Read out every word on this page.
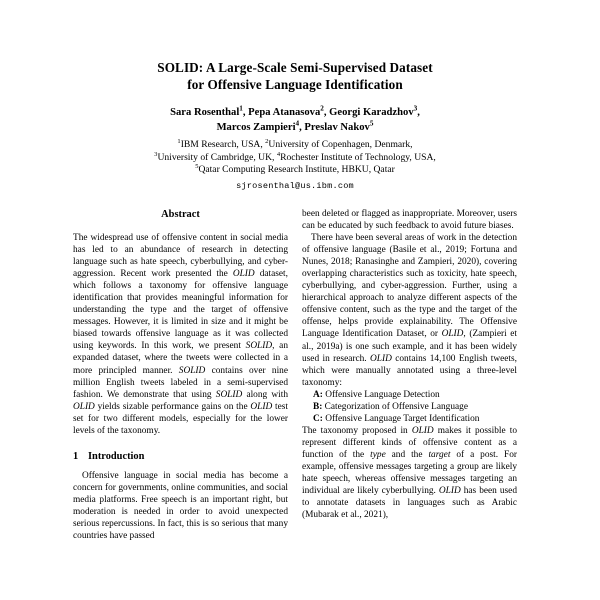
SOLID: A Large-Scale Semi-Supervised Dataset
for Offensive Language Identification
Sara Rosenthal$^1$, Pepa Atanasova$^2$, Georgi Karadzhov$^3$,
Marcos Zampieri$^4$, Preslav Nakov$^5$
$^1$IBM Research, USA, $^2$University of Copenhagen, Denmark,
$^3$University of Cambridge, UK, $^4$Rochester Institute of Technology, USA,
$^5$Qatar Computing Research Institute, HBKU, Qatar
sjrosenthal@us.ibm.com
Abstract

The widespread use of offensive content in social media has led to an abundance of research in detecting language such as hate speech, cyberbullying, and cyber-aggression. Recent work presented the OLID dataset, which follows a taxonomy for offensive language identification that provides meaningful information for understanding the type and the target of offensive messages. However, it is limited in size and it might be biased towards offensive language as it was collected using keywords. In this work, we present SOLID, an expanded dataset, where the tweets were collected in a more principled manner. SOLID contains over nine million English tweets labeled in a semi-supervised fashion. We demonstrate that using SOLID along with OLID yields sizable performance gains on the OLID test set for two different models, especially for the lower levels of the taxonomy.

1 Introduction

Offensive language in social media has become a concern for governments, online communities, and social media platforms. Free speech is an important right, but moderation is needed in order to avoid unexpected serious repercussions. In fact, this is so serious that many countries have passed

been deleted or flagged as inappropriate. Moreover, users can be educated by such feedback to avoid future biases.

There have been several areas of work in the detection of offensive language (Basile et al., 2019; Fortuna and Nunes, 2018; Ranasinghe and Zampieri, 2020), covering overlapping characteristics such as toxicity, hate speech, cyberbullying, and cyber-aggression. Further, using a hierarchical approach to analyze different aspects of the offensive content, such as the type and the target of the offense, helps provide explainability. The Offensive Language Identification Dataset, or OLID, (Zampieri et al., 2019a) is one such example, and it has been widely used in research. OLID contains 14,100 English tweets, which were manually annotated using a three-level taxonomy:

A: Offensive Language Detection

B: Categorization of Offensive Language

C: Offensive Language Target Identification

The taxonomy proposed in OLID makes it possible to represent different kinds of offensive content as a function of the type and the target of a post. For example, offensive messages targeting a group are likely hate speech, whereas offensive messages targeting an individual are likely cyberbullying. OLID has been used to annotate datasets in languages such as Arabic (Mubarak et al., 2021),
